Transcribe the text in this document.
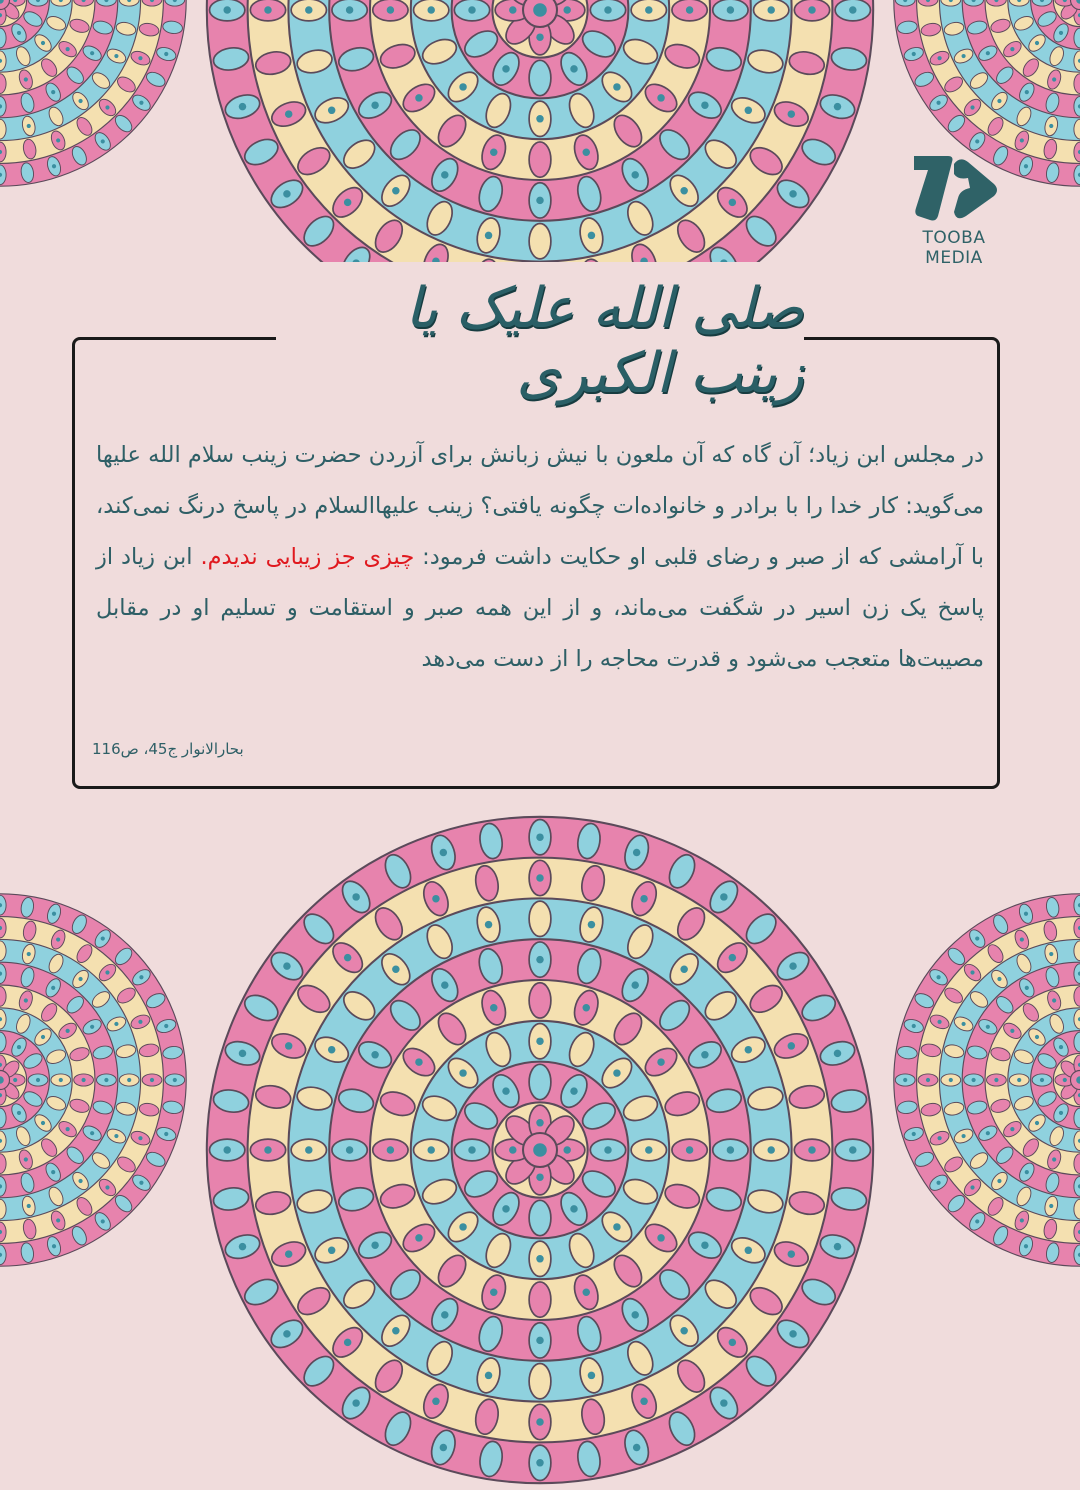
TOOBA MEDIA
صلی الله علیک یا زینب الکبری
در مجلس ابن زیاد؛ آن گاه که آن ملعون با نیش زبانش برای آزردن حضرت زینب سلام الله علیها می‌گوید: کار خدا را با برادر و خانواده‌ات چگونه یافتی؟ زینب علیهاالسلام در پاسخ درنگ نمی‌کند، با آرامشی که از صبر و رضای قلبی او حکایت داشت فرمود: چیزی جز زیبایی ندیدم. ابن زیاد از پاسخ یک زن اسیر در شگفت می‌ماند، و از این همه صبر و استقامت و تسلیم او در مقابل مصیبت‌ها متعجب می‌شود و قدرت محاجه را از دست می‌دهد
بحارالانوار ج45، ص116
